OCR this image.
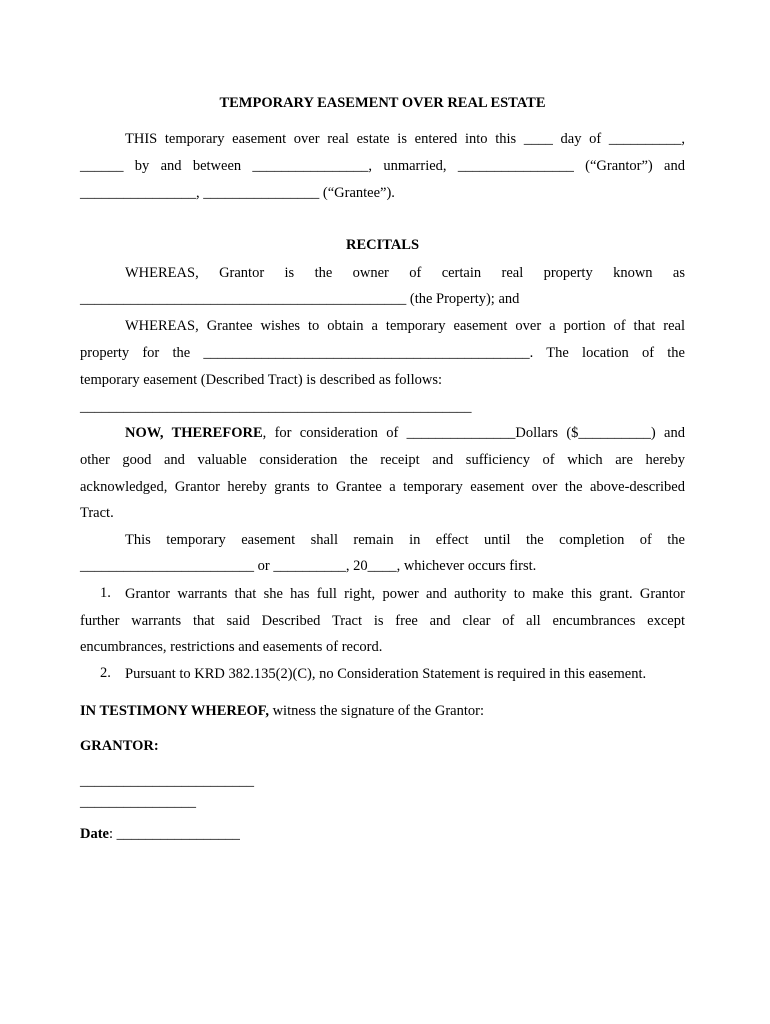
TEMPORARY EASEMENT OVER REAL ESTATE
THIS temporary easement over real estate is entered into this ____ day of __________,
______ by and between ________________, unmarried, ________________ (“Grantor”) and
________________, ________________ (“Grantee”).
RECITALS
WHEREAS, Grantor is the owner of certain real property known as
_____________________________________________ (the Property); and
WHEREAS, Grantee wishes to obtain a temporary easement over a portion of that real
property for the _____________________________________________. The location of the
temporary easement (Described Tract) is described as follows:
______________________________________________________
NOW, THEREFORE, for consideration of _______________Dollars ($__________) and
other good and valuable consideration the receipt and sufficiency of which are hereby
acknowledged, Grantor hereby grants to Grantee a temporary easement over the above-described
Tract.
This temporary easement shall remain in effect until the completion of the
________________________ or __________, 20____, whichever occurs first.
1. Grantor warrants that she has full right, power and authority to make this grant. Grantor
further warrants that said Described Tract is free and clear of all encumbrances except
encumbrances, restrictions and easements of record.
2. Pursuant to KRD 382.135(2)(C), no Consideration Statement is required in this easement.
IN TESTIMONY WHEREOF, witness the signature of the Grantor:
GRANTOR:
________________________
________________
Date: _________________
